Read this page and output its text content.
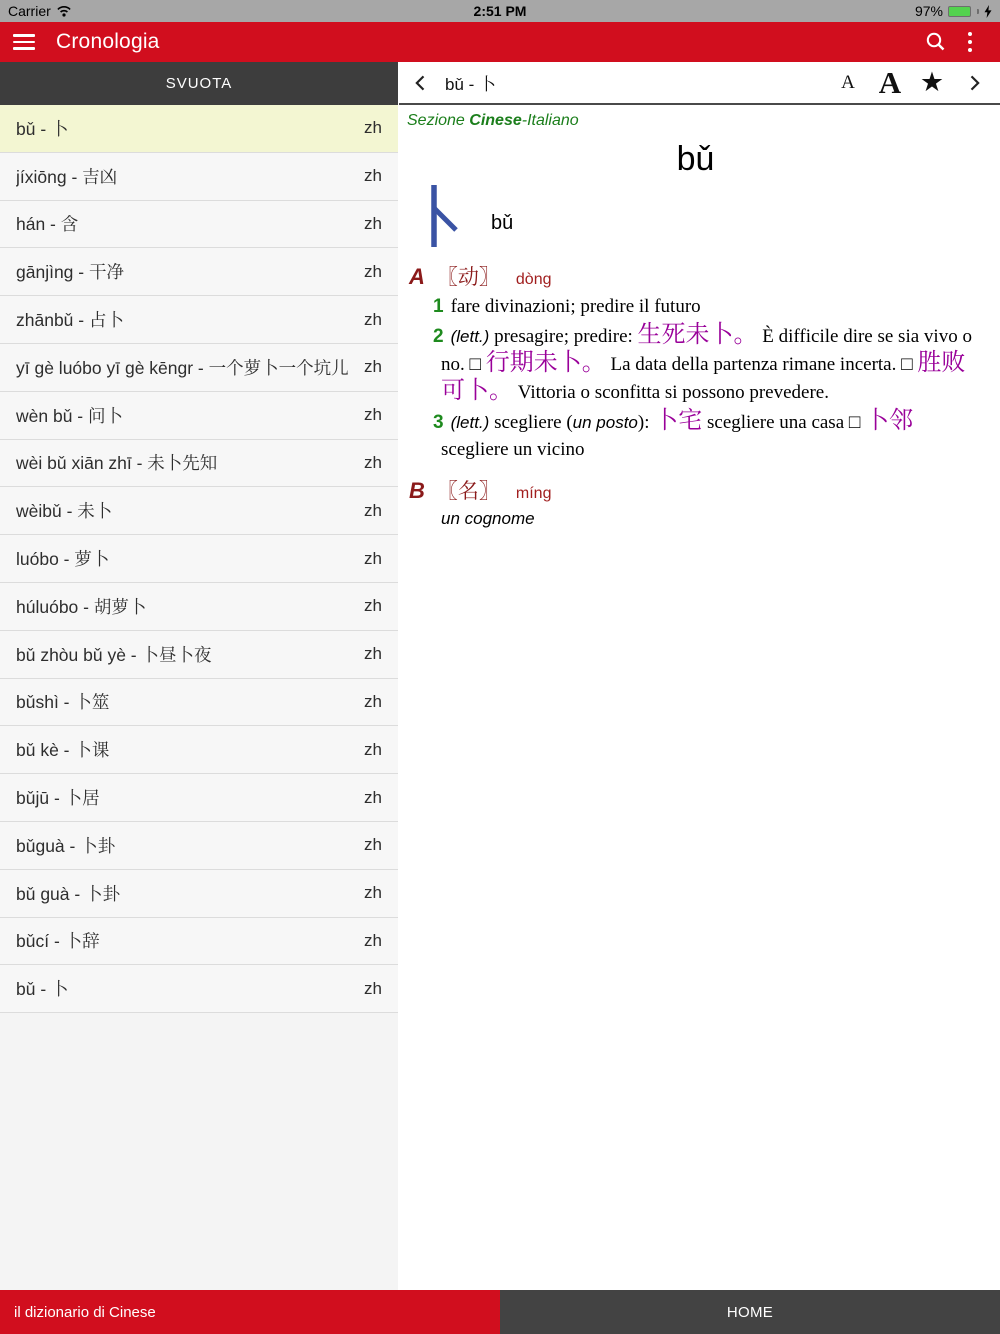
Carrier	2:51 PM	97%
Cronologia
SVUOTA
bǔ - 卜	zh
jíxiōng - 吉凶	zh
hán - 含	zh
gānjìng - 干净	zh
zhānbǔ - 占卜	zh
yī gè luóbo yī gè kēngr - 一个萝卜一个坑儿 zh
wèn bǔ - 问卜	zh
wèi bǔ xiān zhī - 未卜先知	zh
wèibǔ - 未卜	zh
luóbo - 萝卜	zh
húluóbo - 胡萝卜	zh
bǔ zhòu bǔ yè - 卜昼卜夜	zh
bǔshì - 卜筮	zh
bǔ kè - 卜课	zh
bǔjū - 卜居	zh
bǔguà - 卜卦	zh
bǔ guà - 卜卦	zh
bǔcí - 卜辞	zh
bǔ - 卜	zh
bǔ - 卜	A A ★
Sezione Cinese-Italiano
bǔ
bǔ
A 〖动〗 dòng
1 fare divinazioni; predire il futuro
2 (lett.) presagire; predire: 生死未卜。 È difficile dire se sia vivo o no. □ 行期未卜。 La data della partenza rimane incerta. □ 胜败可卜。 Vittoria o sconfitta si possono prevedere.
3 (lett.) scegliere (un posto): 卜宅 scegliere una casa □ 卜邻 scegliere un vicino
B 〖名〗 míng
un cognome
il dizionario di Cinese	HOME
